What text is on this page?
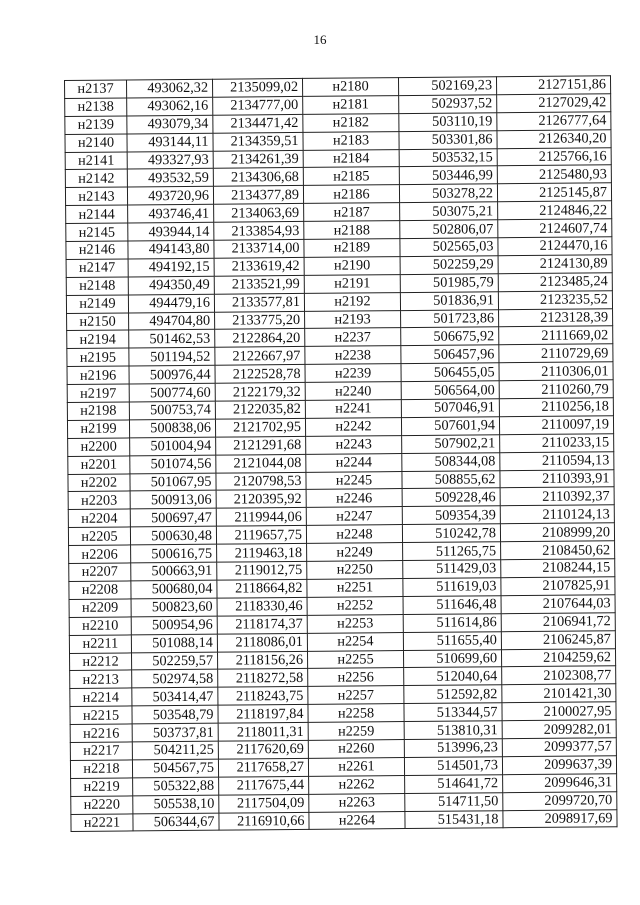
16
н2137	493062,32	2135099,02	н2180	502169,23	2127151,86
н2138	493062,16	2134777,00	н2181	502937,52	2127029,42
н2139	493079,34	2134471,42	н2182	503110,19	2126777,64
н2140	493144,11	2134359,51	н2183	503301,86	2126340,20
н2141	493327,93	2134261,39	н2184	503532,15	2125766,16
н2142	493532,59	2134306,68	н2185	503446,99	2125480,93
н2143	493720,96	2134377,89	н2186	503278,22	2125145,87
н2144	493746,41	2134063,69	н2187	503075,21	2124846,22
н2145	493944,14	2133854,93	н2188	502806,07	2124607,74
н2146	494143,80	2133714,00	н2189	502565,03	2124470,16
н2147	494192,15	2133619,42	н2190	502259,29	2124130,89
н2148	494350,49	2133521,99	н2191	501985,79	2123485,24
н2149	494479,16	2133577,81	н2192	501836,91	2123235,52
н2150	494704,80	2133775,20	н2193	501723,86	2123128,39
н2194	501462,53	2122864,20	н2237	506675,92	2111669,02
н2195	501194,52	2122667,97	н2238	506457,96	2110729,69
н2196	500976,44	2122528,78	н2239	506455,05	2110306,01
н2197	500774,60	2122179,32	н2240	506564,00	2110260,79
н2198	500753,74	2122035,82	н2241	507046,91	2110256,18
н2199	500838,06	2121702,95	н2242	507601,94	2110097,19
н2200	501004,94	2121291,68	н2243	507902,21	2110233,15
н2201	501074,56	2121044,08	н2244	508344,08	2110594,13
н2202	501067,95	2120798,53	н2245	508855,62	2110393,91
н2203	500913,06	2120395,92	н2246	509228,46	2110392,37
н2204	500697,47	2119944,06	н2247	509354,39	2110124,13
н2205	500630,48	2119657,75	н2248	510242,78	2108999,20
н2206	500616,75	2119463,18	н2249	511265,75	2108450,62
н2207	500663,91	2119012,75	н2250	511429,03	2108244,15
н2208	500680,04	2118664,82	н2251	511619,03	2107825,91
н2209	500823,60	2118330,46	н2252	511646,48	2107644,03
н2210	500954,96	2118174,37	н2253	511614,86	2106941,72
н2211	501088,14	2118086,01	н2254	511655,40	2106245,87
н2212	502259,57	2118156,26	н2255	510699,60	2104259,62
н2213	502974,58	2118272,58	н2256	512040,64	2102308,77
н2214	503414,47	2118243,75	н2257	512592,82	2101421,30
н2215	503548,79	2118197,84	н2258	513344,57	2100027,95
н2216	503737,81	2118011,31	н2259	513810,31	2099282,01
н2217	504211,25	2117620,69	н2260	513996,23	2099377,57
н2218	504567,75	2117658,27	н2261	514501,73	2099637,39
н2219	505322,88	2117675,44	н2262	514641,72	2099646,31
н2220	505538,10	2117504,09	н2263	514711,50	2099720,70
н2221	506344,67	2116910,66	н2264	515431,18	2098917,69
